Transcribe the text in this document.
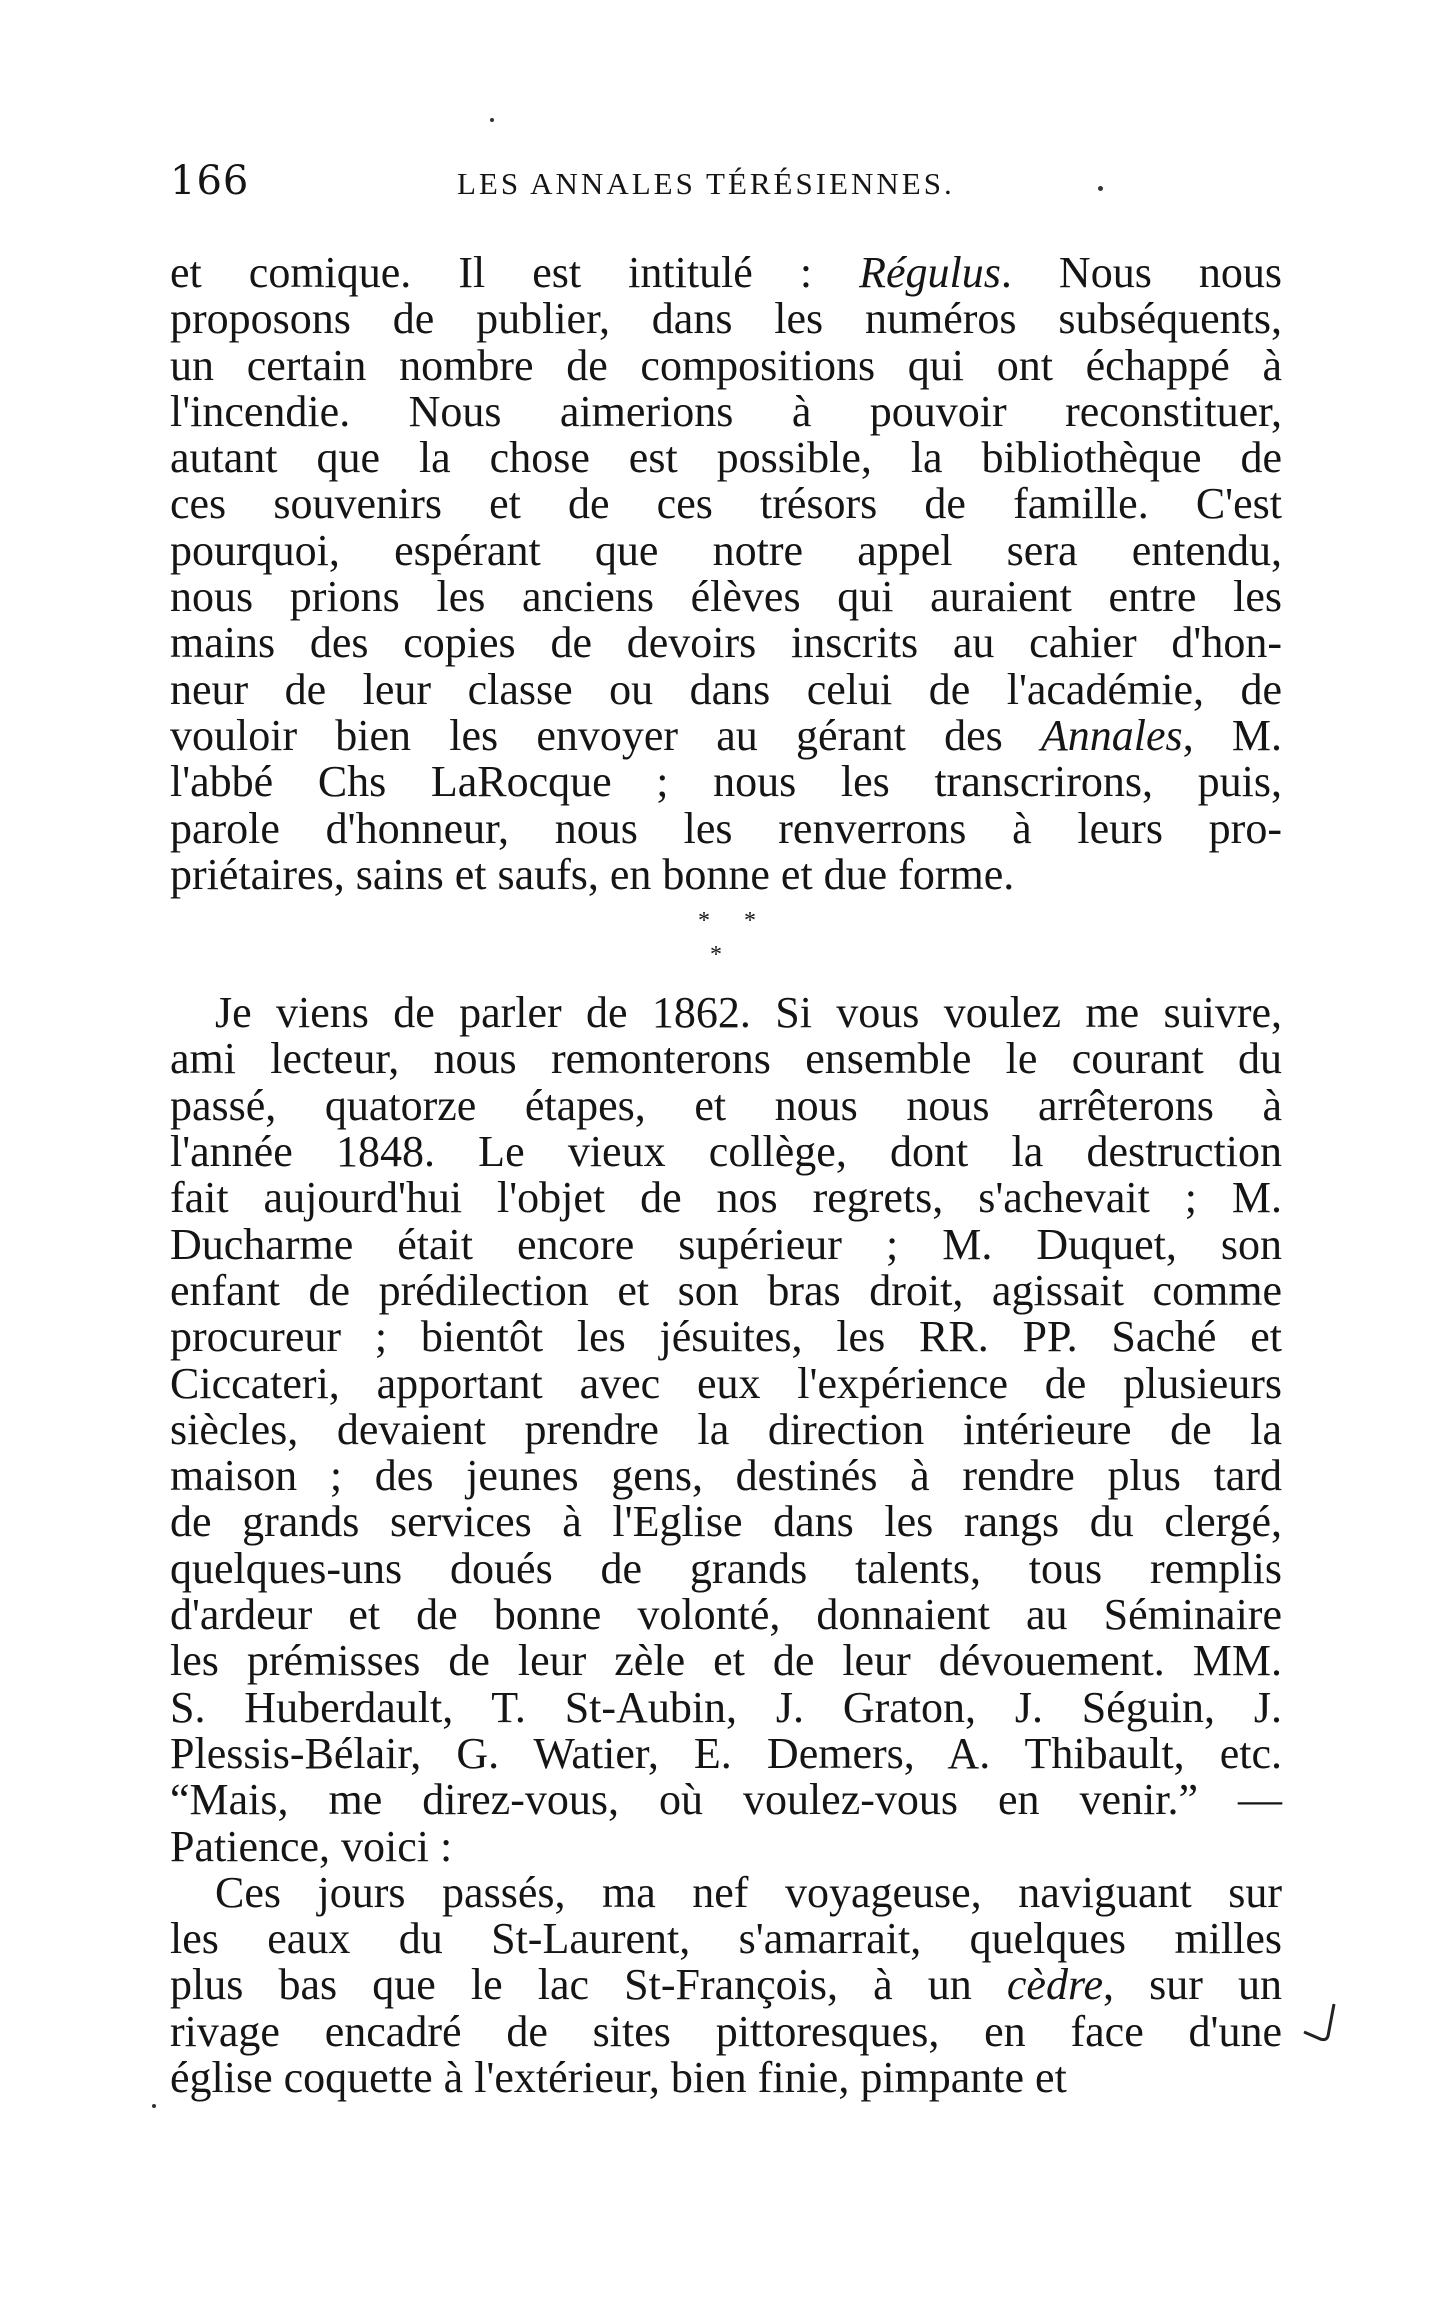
166	LES ANNALES TÉRÉSIENNES.
et comique. Il est intitulé : Régulus. Nous nous
proposons de publier, dans les numéros subséquents,
un certain nombre de compositions qui ont échappé à
l'incendie. Nous aimerions à pouvoir reconstituer,
autant que la chose est possible, la bibliothèque de
ces souvenirs et de ces trésors de famille. C'est
pourquoi, espérant que notre appel sera entendu,
nous prions les anciens élèves qui auraient entre les
mains des copies de devoirs inscrits au cahier d'hon-
neur de leur classe ou dans celui de l'académie, de
vouloir bien les envoyer au gérant des Annales, M.
l'abbé Chs LaRocque ; nous les transcrirons, puis,
parole d'honneur, nous les renverrons à leurs pro-
priétaires, sains et saufs, en bonne et due forme.
* *
*
Je viens de parler de 1862. Si vous voulez me suivre,
ami lecteur, nous remonterons ensemble le courant du
passé, quatorze étapes, et nous nous arrêterons à
l'année 1848. Le vieux collège, dont la destruction
fait aujourd'hui l'objet de nos regrets, s'achevait ; M.
Ducharme était encore supérieur ; M. Duquet, son
enfant de prédilection et son bras droit, agissait comme
procureur ; bientôt les jésuites, les RR. PP. Saché et
Ciccateri, apportant avec eux l'expérience de plusieurs
siècles, devaient prendre la direction intérieure de la
maison ; des jeunes gens, destinés à rendre plus tard
de grands services à l'Eglise dans les rangs du clergé,
quelques-uns doués de grands talents, tous remplis
d'ardeur et de bonne volonté, donnaient au Séminaire
les prémisses de leur zèle et de leur dévouement. MM.
S. Huberdault, T. St-Aubin, J. Graton, J. Séguin, J.
Plessis-Bélair, G. Watier, E. Demers, A. Thibault, etc.
“Mais, me direz-vous, où voulez-vous en venir.” —
Patience, voici :
Ces jours passés, ma nef voyageuse, naviguant sur
les eaux du St-Laurent, s'amarrait, quelques milles
plus bas que le lac St-François, à un cèdre, sur un
rivage encadré de sites pittoresques, en face d'une
église coquette à l'extérieur, bien finie, pimpante et
